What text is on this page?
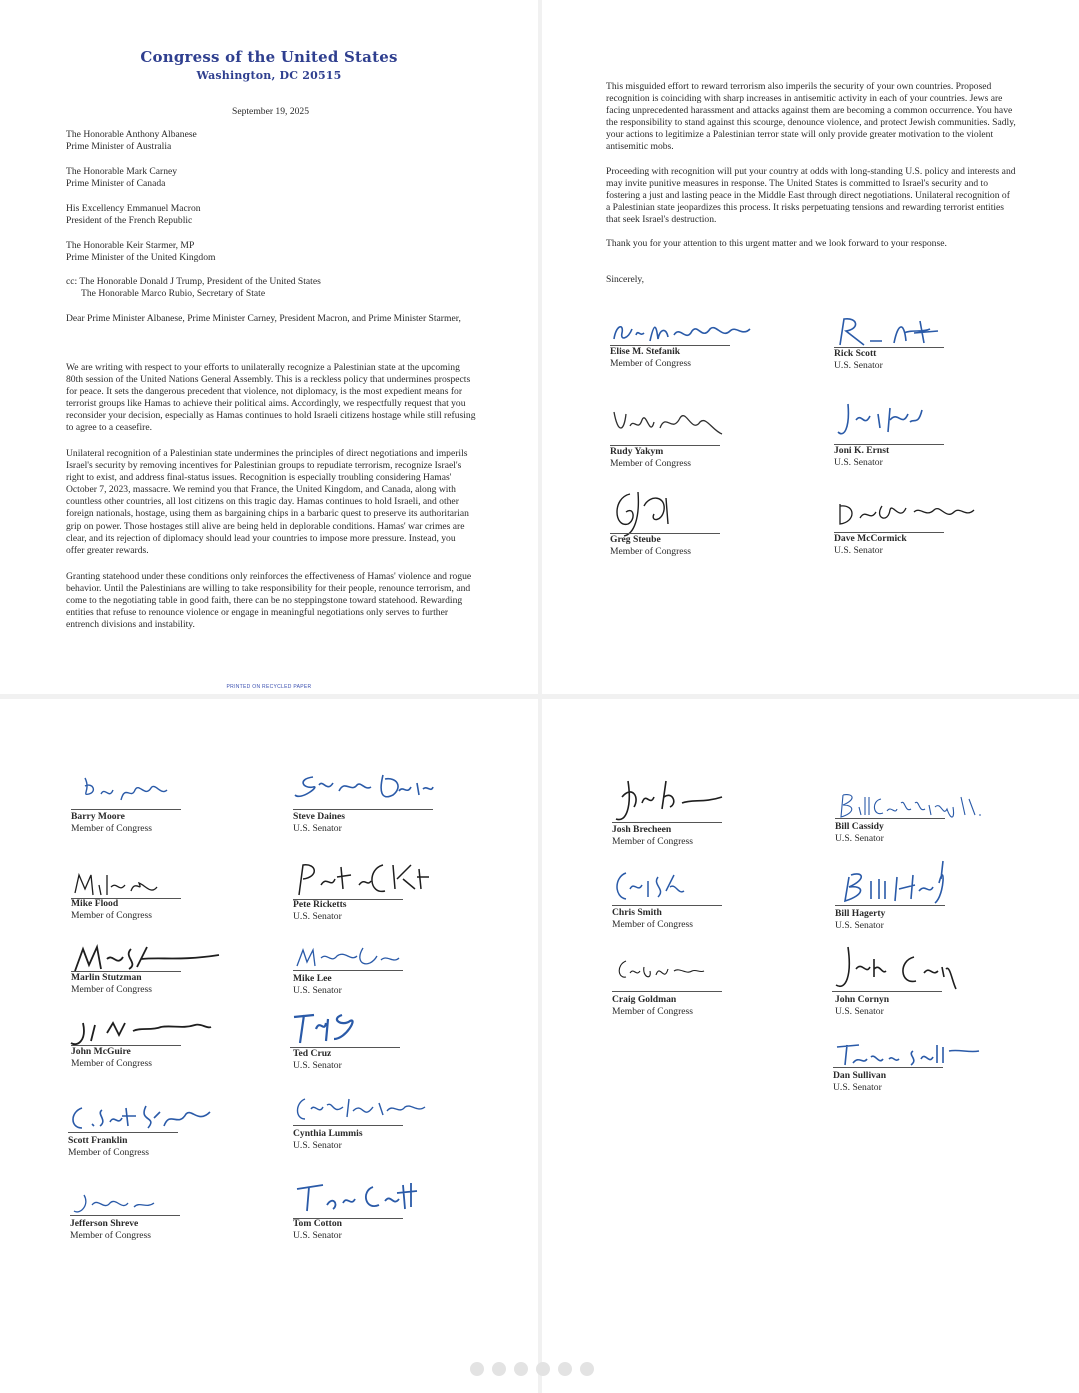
Congress of the United States
Washington, DC 20515
September 19, 2025
The Honorable Anthony Albanese
Prime Minister of Australia
The Honorable Mark Carney
Prime Minister of Canada
His Excellency Emmanuel Macron
President of the French Republic
The Honorable Keir Starmer, MP
Prime Minister of the United Kingdom
cc: The Honorable Donald J Trump, President of the United States
The Honorable Marco Rubio, Secretary of State
Dear Prime Minister Albanese, Prime Minister Carney, President Macron, and Prime Minister Starmer,
We are writing with respect to your efforts to unilaterally recognize a Palestinian state at the upcoming 80th session of the United Nations General Assembly. This is a reckless policy that undermines prospects for peace. It sets the dangerous precedent that violence, not diplomacy, is the most expedient means for terrorist groups like Hamas to achieve their political aims. Accordingly, we respectfully request that you reconsider your decision, especially as Hamas continues to hold Israeli citizens hostage while still refusing to agree to a ceasefire.
Unilateral recognition of a Palestinian state undermines the principles of direct negotiations and imperils Israel's security by removing incentives for Palestinian groups to repudiate terrorism, recognize Israel's right to exist, and address final-status issues. Recognition is especially troubling considering Hamas' October 7, 2023, massacre. We remind you that France, the United Kingdom, and Canada, along with countless other countries, all lost citizens on this tragic day. Hamas continues to hold Israeli, and other foreign nationals, hostage, using them as bargaining chips in a barbaric quest to preserve its authoritarian grip on power. Those hostages still alive are being held in deplorable conditions. Hamas' war crimes are clear, and its rejection of diplomacy should lead your countries to impose more pressure. Instead, you offer greater rewards.
Granting statehood under these conditions only reinforces the effectiveness of Hamas' violence and rogue behavior. Until the Palestinians are willing to take responsibility for their people, renounce terrorism, and come to the negotiating table in good faith, there can be no steppingstone toward statehood. Rewarding entities that refuse to renounce violence or engage in meaningful negotiations only serves to further entrench divisions and instability.
PRINTED ON RECYCLED PAPER
This misguided effort to reward terrorism also imperils the security of your own countries. Proposed recognition is coinciding with sharp increases in antisemitic activity in each of your countries. Jews are facing unprecedented harassment and attacks against them are becoming a common occurrence. You have the responsibility to stand against this scourge, denounce violence, and protect Jewish communities. Sadly, your actions to legitimize a Palestinian terror state will only provide greater motivation to the violent antisemitic mobs.
Proceeding with recognition will put your country at odds with long-standing U.S. policy and interests and may invite punitive measures in response. The United States is committed to Israel's security and to fostering a just and lasting peace in the Middle East through direct negotiations. Unilateral recognition of a Palestinian state jeopardizes this process. It risks perpetuating tensions and rewarding terrorist entities that seek Israel's destruction.
Thank you for your attention to this urgent matter and we look forward to your response.
Sincerely,
Elise M. Stefanik
Member of Congress
Rick Scott
U.S. Senator
Rudy Yakym
Member of Congress
Joni K. Ernst
U.S. Senator
Greg Steube
Member of Congress
Dave McCormick
U.S. Senator
Barry Moore
Member of Congress
Mike Flood
Member of Congress
Marlin Stutzman
Member of Congress
John McGuire
Member of Congress
Scott Franklin
Member of Congress
Jefferson Shreve
Member of Congress
Steve Daines
U.S. Senator
Pete Ricketts
U.S. Senator
Mike Lee
U.S. Senator
Ted Cruz
U.S. Senator
Cynthia Lummis
U.S. Senator
Tom Cotton
U.S. Senator
Josh Brecheen
Member of Congress
Chris Smith
Member of Congress
Craig Goldman
Member of Congress
Bill Cassidy
U.S. Senator
Bill Hagerty
U.S. Senator
John Cornyn
U.S. Senator
Dan Sullivan
U.S. Senator
